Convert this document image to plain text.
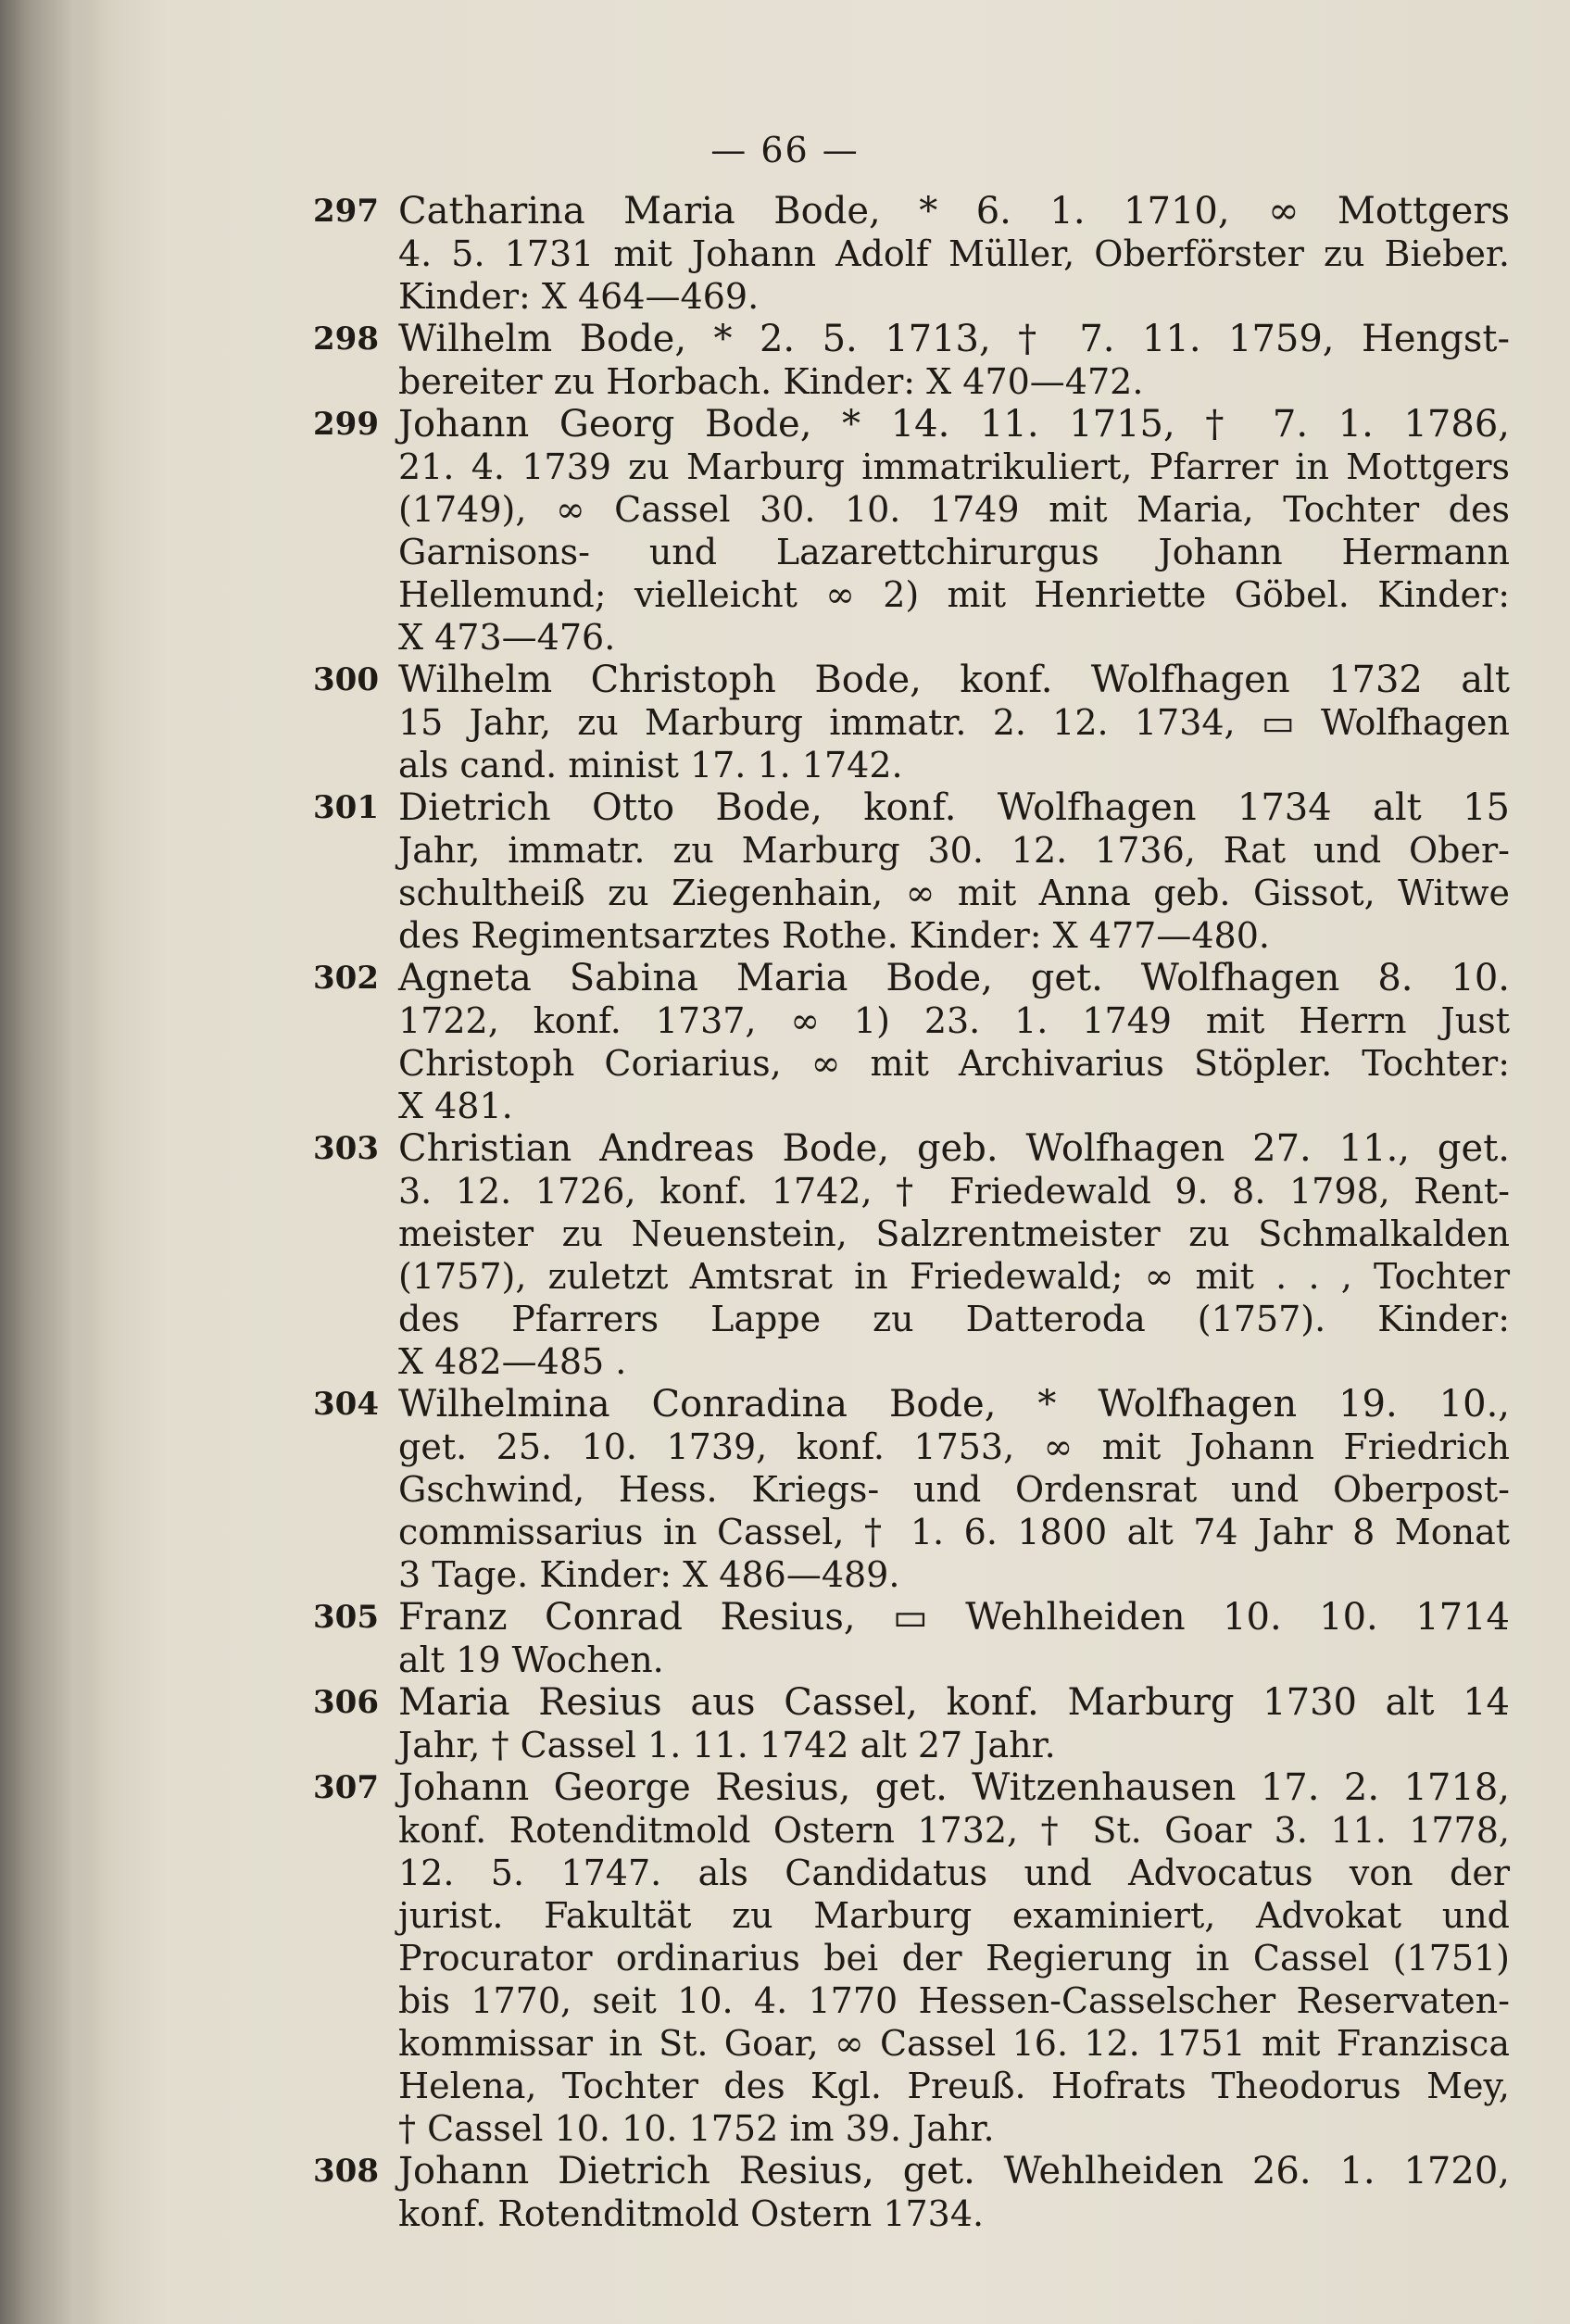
— 66 —
297 Catharina Maria Bode, * 6. 1. 1710, ∞ Mottgers
4. 5. 1731 mit Johann Adolf Müller, Oberförster zu Bieber.
Kinder: X 464—469.
298 Wilhelm Bode, * 2. 5. 1713, † 7. 11. 1759, Hengst-
bereiter zu Horbach. Kinder: X 470—472.
299 Johann Georg Bode, * 14. 11. 1715, † 7. 1. 1786,
21. 4. 1739 zu Marburg immatrikuliert, Pfarrer in Mottgers
(1749), ∞ Cassel 30. 10. 1749 mit Maria, Tochter des
Garnisons- und Lazarettchirurgus Johann Hermann
Hellemund; vielleicht ∞ 2) mit Henriette Göbel. Kinder:
X 473—476.
300 Wilhelm Christoph Bode, konf. Wolfhagen 1732 alt
15 Jahr, zu Marburg immatr. 2. 12. 1734, ▭ Wolfhagen
als cand. minist 17. 1. 1742.
301 Dietrich Otto Bode, konf. Wolfhagen 1734 alt 15
Jahr, immatr. zu Marburg 30. 12. 1736, Rat und Ober-
schultheiß zu Ziegenhain, ∞ mit Anna geb. Gissot, Witwe
des Regimentsarztes Rothe. Kinder: X 477—480.
302 Agneta Sabina Maria Bode, get. Wolfhagen 8. 10.
1722, konf. 1737, ∞ 1) 23. 1. 1749 mit Herrn Just
Christoph Coriarius, ∞ mit Archivarius Stöpler. Tochter:
X 481.
303 Christian Andreas Bode, geb. Wolfhagen 27. 11., get.
3. 12. 1726, konf. 1742, † Friedewald 9. 8. 1798, Rent-
meister zu Neuenstein, Salzrentmeister zu Schmalkalden
(1757), zuletzt Amtsrat in Friedewald; ∞ mit . . , Tochter
des Pfarrers Lappe zu Datteroda (1757). Kinder:
X 482—485 .
304 Wilhelmina Conradina Bode, * Wolfhagen 19. 10.,
get. 25. 10. 1739, konf. 1753, ∞ mit Johann Friedrich
Gschwind, Hess. Kriegs- und Ordensrat und Oberpost-
commissarius in Cassel, † 1. 6. 1800 alt 74 Jahr 8 Monat
3 Tage. Kinder: X 486—489.
305 Franz Conrad Resius, ▭ Wehlheiden 10. 10. 1714
alt 19 Wochen.
306 Maria Resius aus Cassel, konf. Marburg 1730 alt 14
Jahr, † Cassel 1. 11. 1742 alt 27 Jahr.
307 Johann George Resius, get. Witzenhausen 17. 2. 1718,
konf. Rotenditmold Ostern 1732, † St. Goar 3. 11. 1778,
12. 5. 1747. als Candidatus und Advocatus von der
jurist. Fakultät zu Marburg examiniert, Advokat und
Procurator ordinarius bei der Regierung in Cassel (1751)
bis 1770, seit 10. 4. 1770 Hessen-Casselscher Reservaten-
kommissar in St. Goar, ∞ Cassel 16. 12. 1751 mit Franzisca
Helena, Tochter des Kgl. Preuß. Hofrats Theodorus Mey,
† Cassel 10. 10. 1752 im 39. Jahr.
308 Johann Dietrich Resius, get. Wehlheiden 26. 1. 1720,
konf. Rotenditmold Ostern 1734.
